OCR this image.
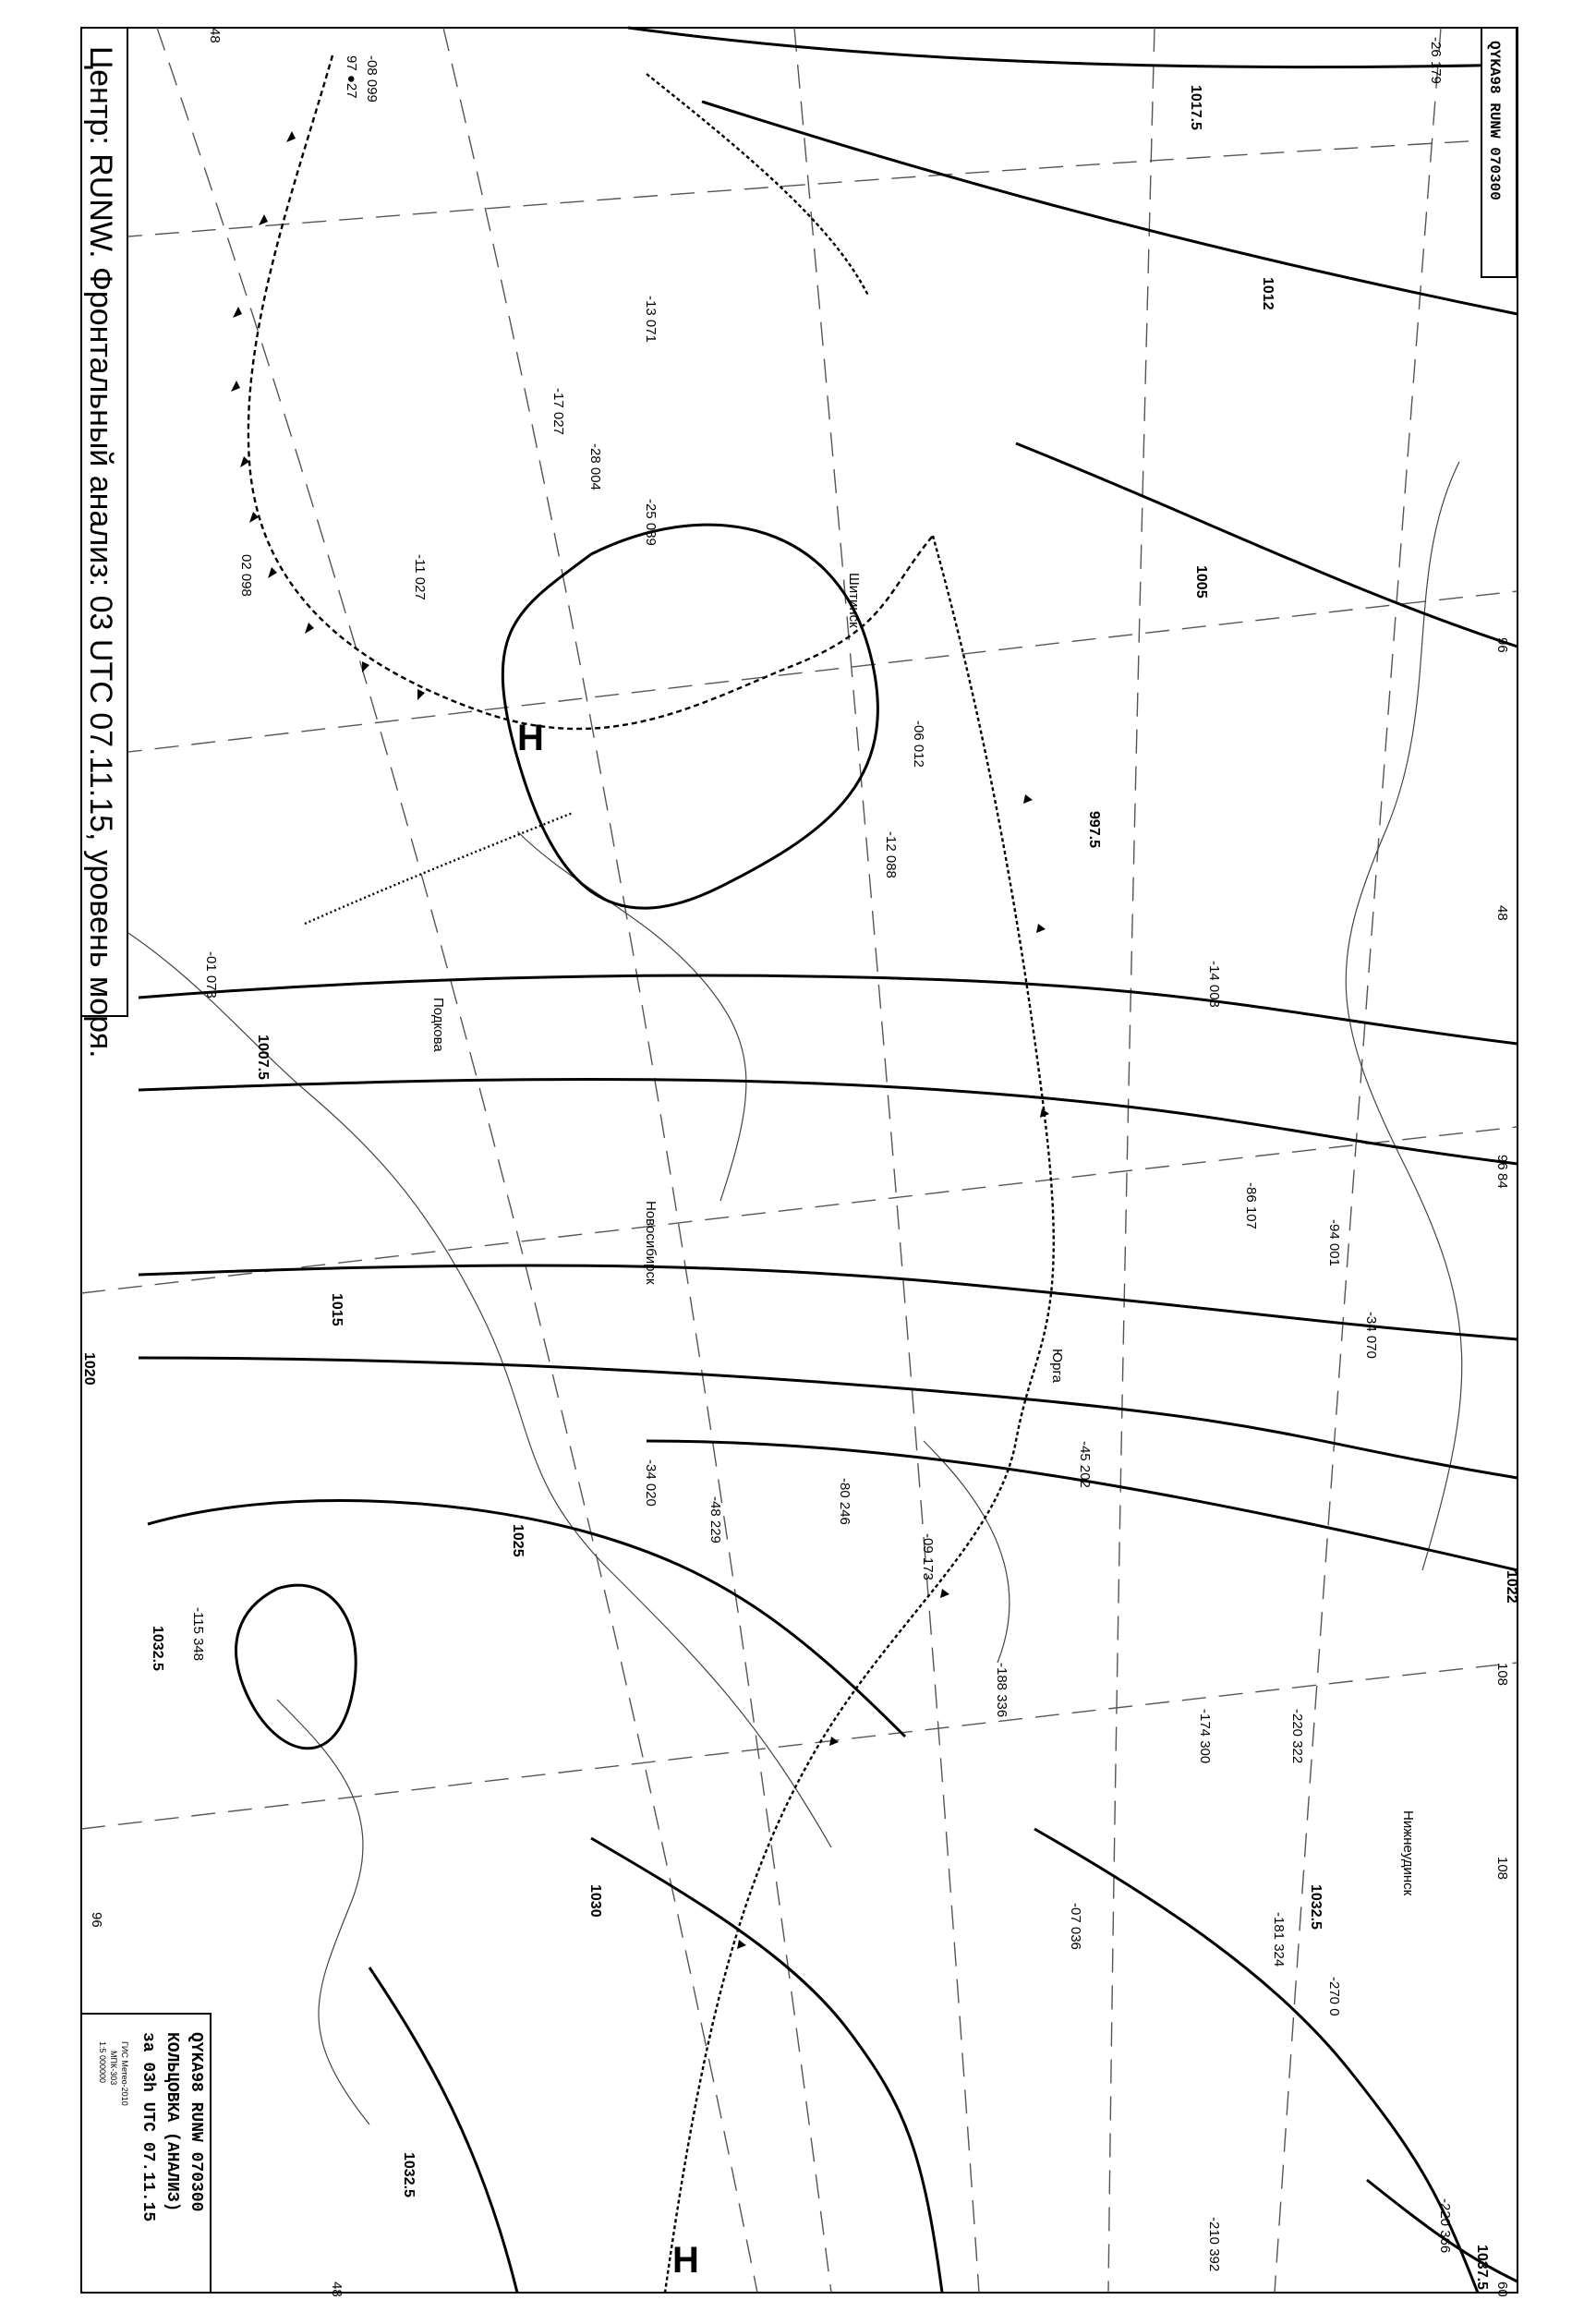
Н
Н
1017.5
1012
1005
1007.5
1015
1020
1025
1030	1032.5
1037.5
1022
1032.5
1032.5
997.5
Новосибирск
Юрга
Нижнеудинск
Шитинск
Подкова
-08 099
97 ●27
02 098	-11 027
-25 089
-17 027
-06 012
-12 088
-28 004
-13 071
-45 202
-14 003
-01 073
-48 229
-34 020	-80 246
-09 173
-115 348
-174 300
-210 392	-220 366
-86 107
-94 001
-26 179
-34 070
-07 036	-181 324
-188 336
-220 322
-270 0
48
96
96
84
48
108
108
60
96
48
Центр: RUNW. Фронтальный анализ: 03 UTC 07.11.15, уровень моря.	QYKA98 RUNW 070300
QYKA98 RUNW 070300
КОЛЬЦОВКА (АНАЛИЗ)
за 03h UTC 07.11.15
ГИС Метео-2010
МПК-303
1:5 000000
